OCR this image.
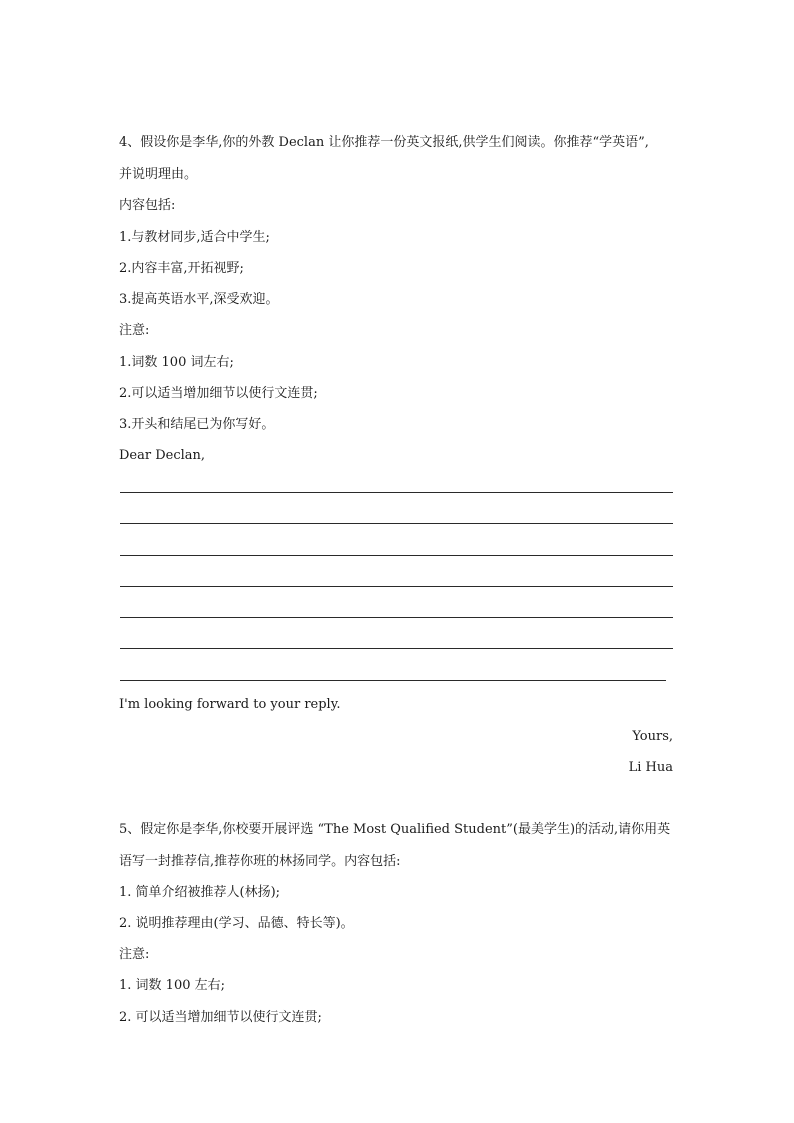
4、假设你是李华,你的外教 Declan 让你推荐一份英文报纸,供学生们阅读。你推荐“学英语”,
并说明理由。
内容包括:
1.与教材同步,适合中学生;
2.内容丰富,开拓视野;
3.提高英语水平,深受欢迎。
注意:
1.词数 100 词左右;
2.可以适当增加细节以使行文连贯;
3.开头和结尾已为你写好。
Dear Declan,
I'm looking forward to your reply.
Yours,
Li Hua
5、假定你是李华,你校要开展评选 “The Most Qualified Student”(最美学生)的活动,请你用英
语写一封推荐信,推荐你班的林扬同学。内容包括:
1. 简单介绍被推荐人(林扬);
2. 说明推荐理由(学习、品德、特长等)。
注意:
1. 词数 100 左右;
2. 可以适当增加细节以使行文连贯;
